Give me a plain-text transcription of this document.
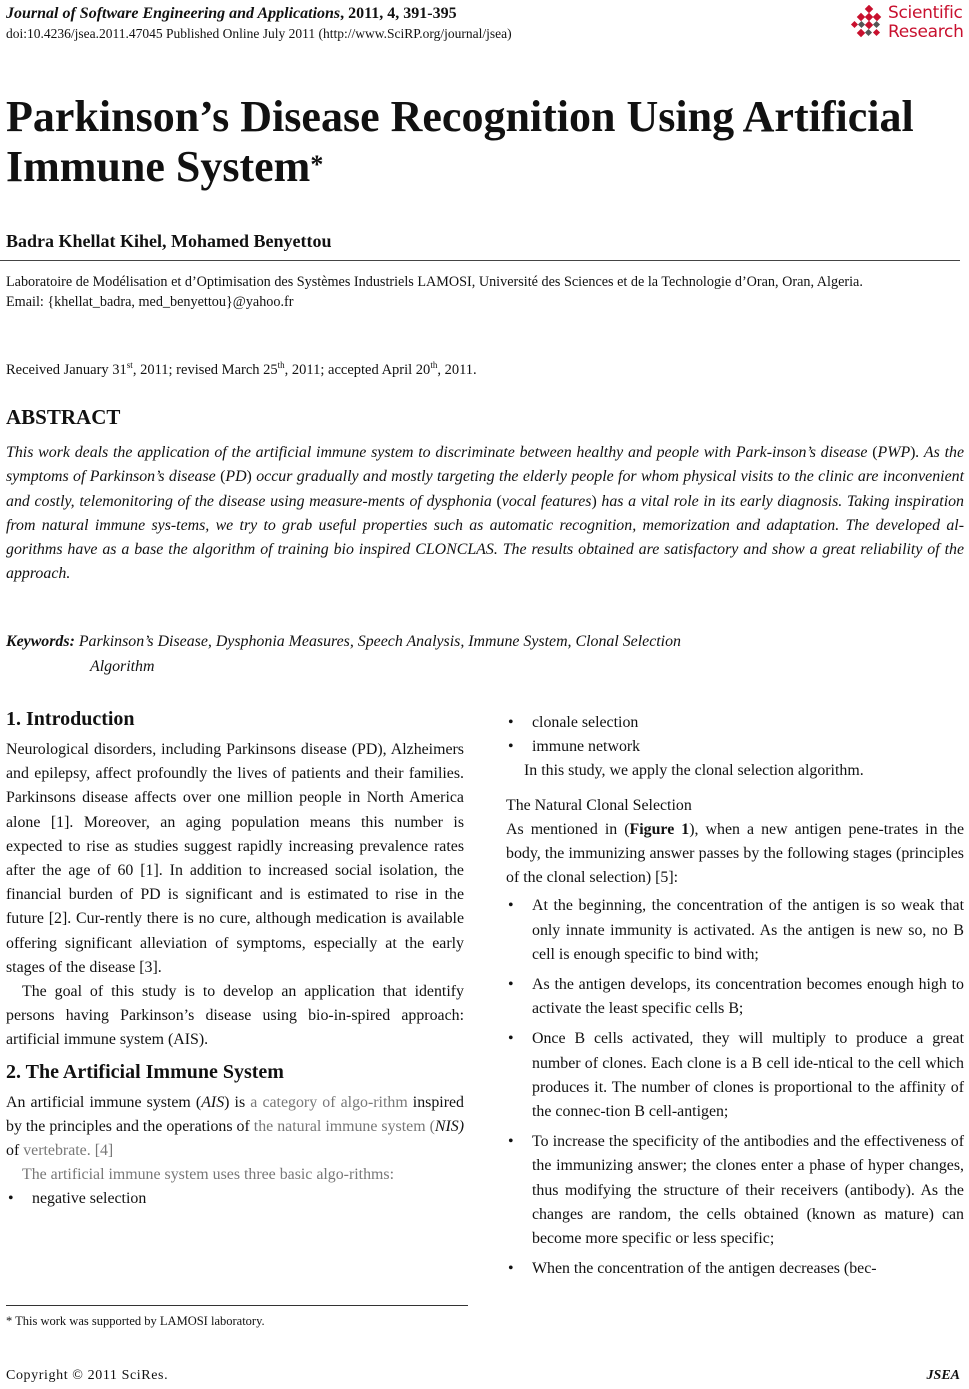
Journal of Software Engineering and Applications, 2011, 4, 391-395
doi:10.4236/jsea.2011.47045 Published Online July 2011 (http://www.SciRP.org/journal/jsea)
Scientific
Research
Parkinson’s Disease Recognition Using Artificial Immune System*
Badra Khellat Kihel, Mohamed Benyettou
Laboratoire de Modélisation et d’Optimisation des Systèmes Industriels LAMOSI, Université des Sciences et de la Technologie d’Oran, Oran, Algeria.
Email: {khellat_badra, med_benyettou}@yahoo.fr
Received January 31st, 2011; revised March 25th, 2011; accepted April 20th, 2011.
ABSTRACT
This work deals the application of the artificial immune system to discriminate between healthy and people with Park-inson’s disease (PWP). As the symptoms of Parkinson’s disease (PD) occur gradually and mostly targeting the elderly people for whom physical visits to the clinic are inconvenient and costly, telemonitoring of the disease using measure-ments of dysphonia (vocal features) has a vital role in its early diagnosis. Taking inspiration from natural immune sys-tems, we try to grab useful properties such as automatic recognition, memorization and adaptation. The developed al-gorithms have as a base the algorithm of training bio inspired CLONCLAS. The results obtained are satisfactory and show a great reliability of the approach.
Keywords: Parkinson’s Disease, Dysphonia Measures, Speech Analysis, Immune System, Clonal Selection
Algorithm
1. Introduction

Neurological disorders, including Parkinsons disease (PD), Alzheimers and epilepsy, affect profoundly the lives of patients and their families. Parkinsons disease affects over one million people in North America alone [1]. Moreover, an aging population means this number is expected to rise as studies suggest rapidly increasing prevalence rates after the age of 60 [1]. In addition to increased social isolation, the financial burden of PD is significant and is estimated to rise in the future [2]. Cur-rently there is no cure, although medication is available offering significant alleviation of symptoms, especially at the early stages of the disease [3].

The goal of this study is to develop an application that identify persons having Parkinson’s disease using bio-in-spired approach: artificial immune system (AIS).

2. The Artificial Immune System

An artificial immune system (AIS) is a category of algo-rithm inspired by the principles and the operations of the natural immune system (NIS) of vertebrate. [4]

The artificial immune system uses three basic algo-rithms:

• negative selection
• clonale selection
• immune network

In this study, we apply the clonal selection algorithm.

The Natural Clonal Selection

As mentioned in (Figure 1), when a new antigen pene-trates in the body, the immunizing answer passes by the following stages (principles of the clonal selection) [5]:

• At the beginning, the concentration of the antigen is so weak that only innate immunity is activated. As the antigen is new so, no B cell is enough specific to bind with;
• As the antigen develops, its concentration becomes enough high to activate the least specific cells B;
• Once B cells activated, they will multiply to produce a great number of clones. Each clone is a B cell ide-ntical to the cell which produces it. The number of clones is proportional to the affinity of the connec-tion B cell-antigen;
• To increase the specificity of the antibodies and the effectiveness of the immunizing answer; the clones enter a phase of hyper changes, thus modifying the structure of their receivers (antibody). As the changes are random, the cells obtained (known as mature) can become more specific or less specific;
• When the concentration of the antigen decreases (bec-
* This work was supported by LAMOSI laboratory.
Copyright © 2011 SciRes.	JSEA
